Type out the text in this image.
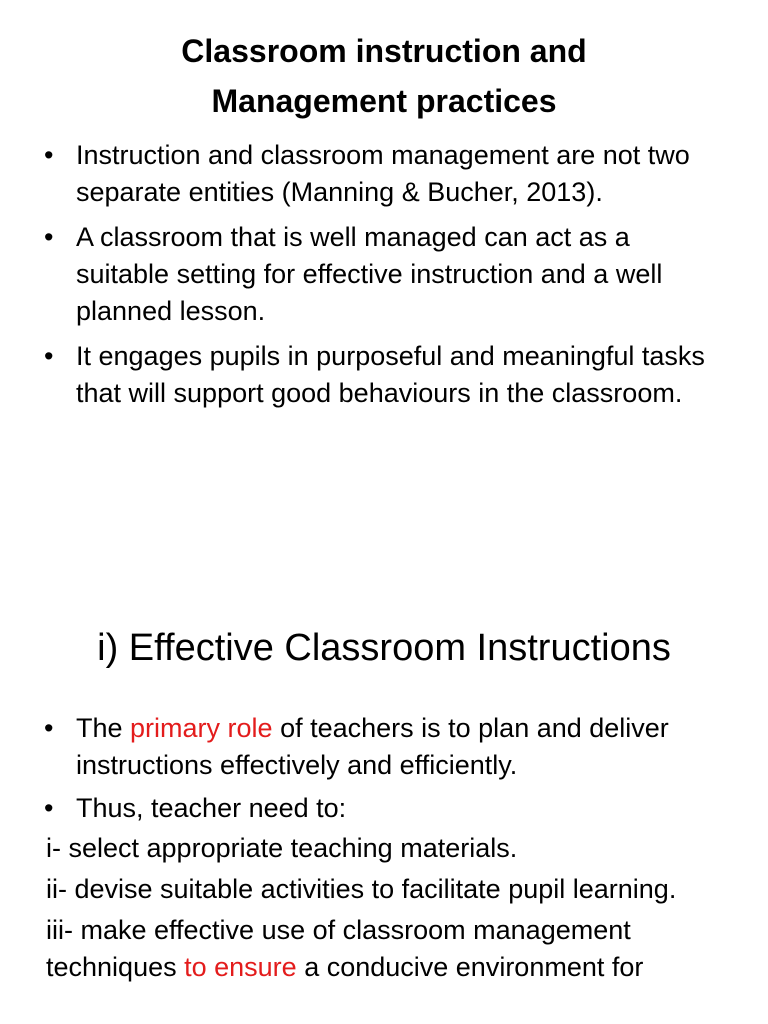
Classroom instruction and
Management practices
• Instruction and classroom management are not two separate entities (Manning & Bucher, 2013).
• A classroom that is well managed can act as a suitable setting for effective instruction and a well planned lesson.
• It engages pupils in purposeful and meaningful tasks that will support good behaviours in the classroom.
i) Effective Classroom Instructions
• The primary role of teachers is to plan and deliver instructions effectively and efficiently.
• Thus, teacher need to:

i- select appropriate teaching materials.

ii- devise suitable activities to facilitate pupil learning.

iii- make effective use of classroom management techniques to ensure a conducive environment for
